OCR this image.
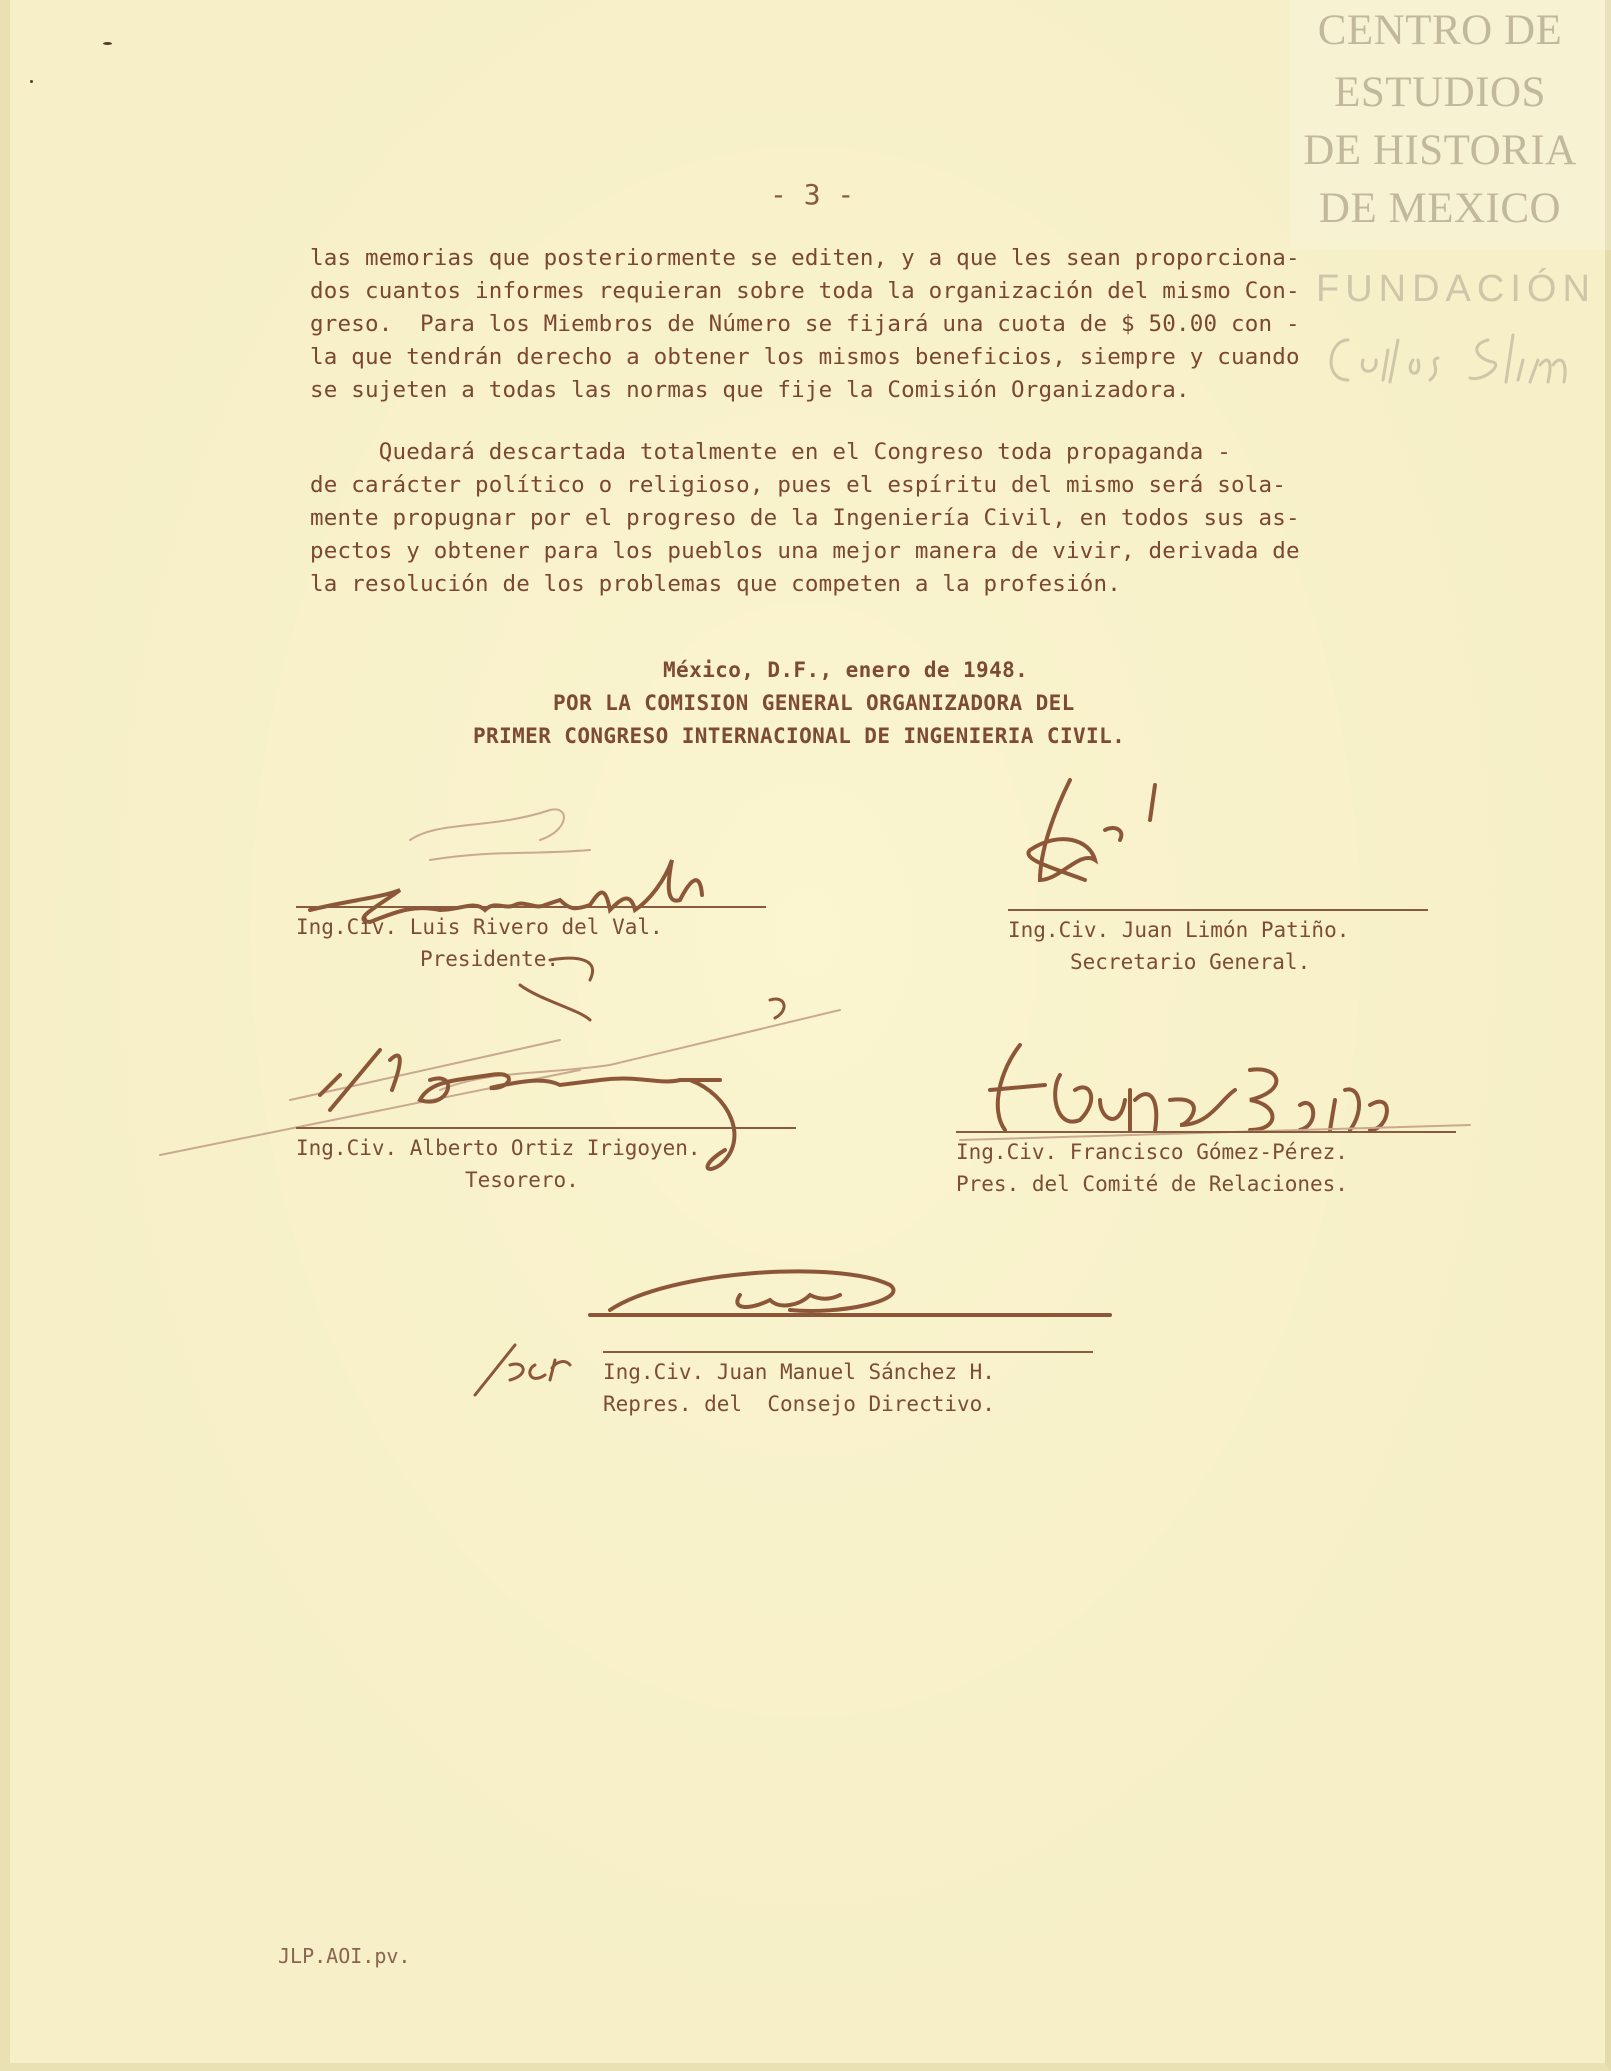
CENTRO DE
ESTUDIOS
DE HISTORIA
DE MEXICO
FUNDACIÓN
- 3 -
las memorias que posteriormente se editen, y a que les sean proporciona-
dos cuantos informes requieran sobre toda la organización del mismo Con-
greso.  Para los Miembros de Número se fijará una cuota de $ 50.00 con -
la que tendrán derecho a obtener los mismos beneficios, siempre y cuando
se sujeten a todas las normas que fije la Comisión Organizadora.
Quedará descartada totalmente en el Congreso toda propaganda -
de carácter político o religioso, pues el espíritu del mismo será sola-
mente propugnar por el progreso de la Ingeniería Civil, en todos sus as-
pectos y obtener para los pueblos una mejor manera de vivir, derivada de
la resolución de los problemas que competen a la profesión.
México, D.F., enero de 1948.
POR LA COMISION GENERAL ORGANIZADORA DEL
PRIMER CONGRESO INTERNACIONAL DE INGENIERIA CIVIL.
Ing.Civ. Luis Rivero del Val.
Presidente.
Ing.Civ. Juan Limón Patiño.
Secretario General.
Ing.Civ. Alberto Ortiz Irigoyen.
Tesorero.
Ing.Civ. Francisco Gómez-Pérez.
Pres. del Comité de Relaciones.
Ing.Civ. Juan Manuel Sánchez H.
Repres. del  Consejo Directivo.
JLP.AOI.pv.
